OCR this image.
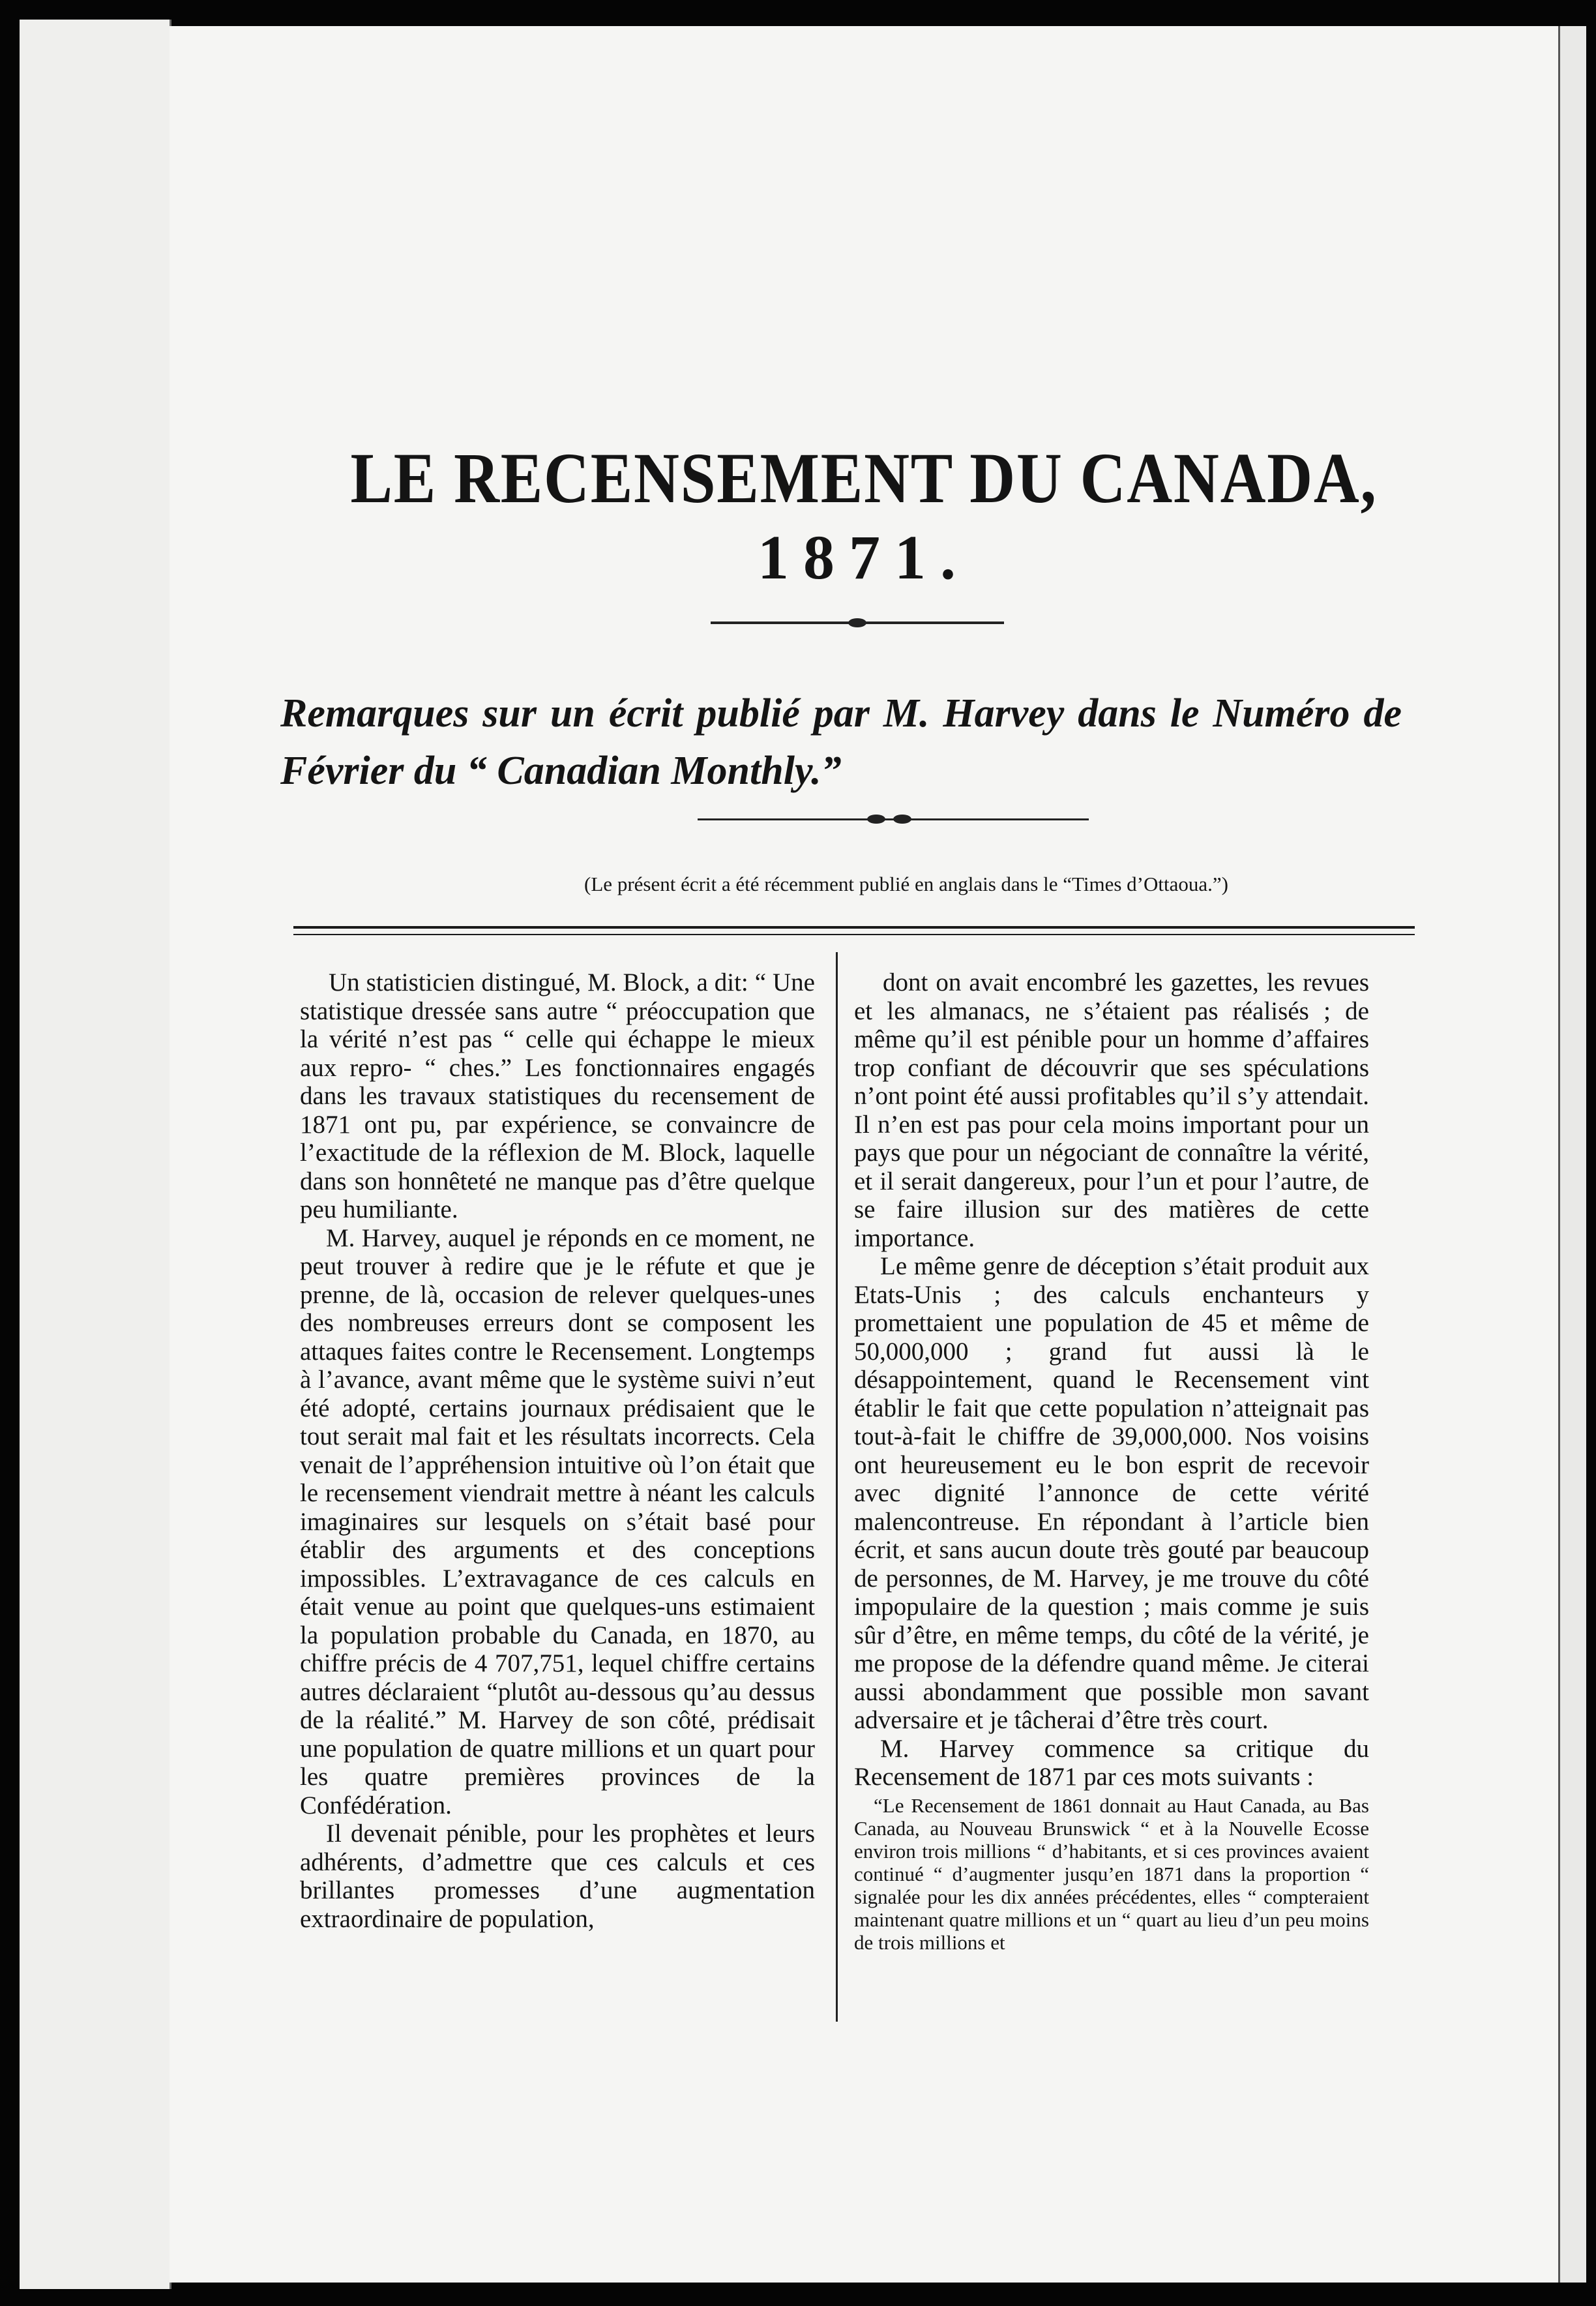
LE RECENSEMENT DU CANADA,
1871.
Remarques sur un écrit publié par M. Harvey dans le Numéro de Février du “ Canadian Monthly.”
(Le présent écrit a été récemment publié en anglais dans le “Times d’Ottaoua.”)

Un statisticien distingué, M. Block, a dit: “ Une statistique dressée sans autre “ préoccupation que la vérité n’est pas “ celle qui échappe le mieux aux repro- “ ches.” Les fonctionnaires engagés dans les travaux statistiques du recensement de 1871 ont pu, par expérience, se convaincre de l’exactitude de la réflexion de M. Block, laquelle dans son honnêteté ne manque pas d’être quelque peu humiliante.

M. Harvey, auquel je réponds en ce moment, ne peut trouver à redire que je le réfute et que je prenne, de là, occasion de relever quelques-unes des nombreuses erreurs dont se composent les attaques faites contre le Recensement. Longtemps à l’avance, avant même que le système suivi n’eut été adopté, certains journaux prédisaient que le tout serait mal fait et les résultats incorrects. Cela venait de l’appréhension intuitive où l’on était que le recensement viendrait mettre à néant les calculs imaginaires sur lesquels on s’était basé pour établir des arguments et des conceptions impossibles. L’extravagance de ces calculs en était venue au point que quelques-uns estimaient la population probable du Canada, en 1870, au chiffre précis de 4 707,751, lequel chiffre certains autres déclaraient “plutôt au-dessous qu’au dessus de la réalité.” M. Harvey de son côté, prédisait une population de quatre millions et un quart pour les quatre premières provinces de la Confédération.

Il devenait pénible, pour les prophètes et leurs adhérents, d’admettre que ces calculs et ces brillantes promesses d’une augmentation extraordinaire de population,

dont on avait encombré les gazettes, les revues et les almanacs, ne s’étaient pas réalisés ; de même qu’il est pénible pour un homme d’affaires trop confiant de découvrir que ses spéculations n’ont point été aussi profitables qu’il s’y attendait. Il n’en est pas pour cela moins important pour un pays que pour un négociant de connaître la vérité, et il serait dangereux, pour l’un et pour l’autre, de se faire illusion sur des matières de cette importance.

Le même genre de déception s’était produit aux Etats-Unis ; des calculs enchanteurs y promettaient une population de 45 et même de 50,000,000 ; grand fut aussi là le désappointement, quand le Recensement vint établir le fait que cette population n’atteignait pas tout-à-fait le chiffre de 39,000,000. Nos voisins ont heureusement eu le bon esprit de recevoir avec dignité l’annonce de cette vérité malencontreuse. En répondant à l’article bien écrit, et sans aucun doute très gouté par beaucoup de personnes, de M. Harvey, je me trouve du côté impopulaire de la question ; mais comme je suis sûr d’être, en même temps, du côté de la vérité, je me propose de la défendre quand même. Je citerai aussi abondamment que possible mon savant adversaire et je tâcherai d’être très court.

M. Harvey commence sa critique du Recensement de 1871 par ces mots suivants :

“Le Recensement de 1861 donnait au Haut Canada, au Bas Canada, au Nouveau Brunswick “ et à la Nouvelle Ecosse environ trois millions “ d’habitants, et si ces provinces avaient continué “ d’augmenter jusqu’en 1871 dans la proportion “ signalée pour les dix années précédentes, elles “ compteraient maintenant quatre millions et un “ quart au lieu d’un peu moins de trois millions et
